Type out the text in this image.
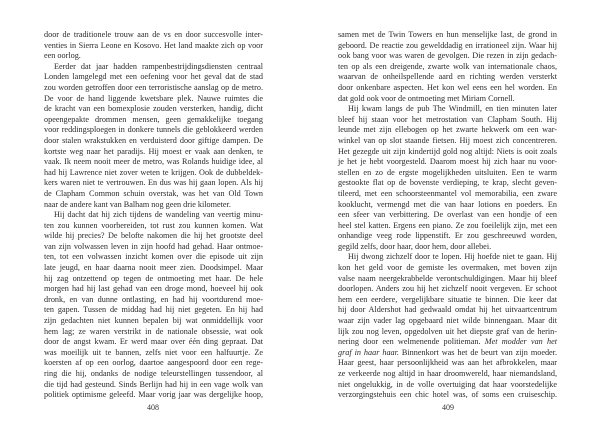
door de traditionele trouw aan de vs en door succesvolle inter-
venties in Sierra Leone en Kosovo. Het land maakte zich op voor
een oorlog.
Eerder dat jaar hadden rampenbestrijdingsdiensten centraal
Londen lamgelegd met een oefening voor het geval dat de stad
zou worden getroffen door een terroristische aanslag op de metro.
De voor de hand liggende kwetsbare plek. Nauwe ruimtes die
de kracht van een bomexplosie zouden versterken, handig, dicht
opeengepakte drommen mensen, geen gemakkelijke toegang
voor reddingsploegen in donkere tunnels die geblokkeerd werden
door stalen wrakstukken en verduisterd door giftige dampen. De
kortste weg naar het paradijs. Hij moest er vaak aan denken, te
vaak. Ik neem nooit meer de metro, was Rolands huidige idee, al
had hij Lawrence niet zover weten te krijgen. Ook de dubbeldek-
kers waren niet te vertrouwen. En dus was hij gaan lopen. Als hij
de Clapham Common schuin overstak, was het van Old Town
naar de andere kant van Balham nog geen drie kilometer.
Hij dacht dat hij zich tijdens de wandeling van veertig minu-
ten zou kunnen voorbereiden, tot rust zou kunnen komen. Wat
wilde hij precies? De belofte nakomen die hij het grootste deel
van zijn volwassen leven in zijn hoofd had gehad. Haar ontmoe-
ten, tot een volwassen inzicht komen over die episode uit zijn
late jeugd, en haar daarna nooit meer zien. Doodsimpel. Maar
hij zag ontzettend op tegen de ontmoeting met haar. De hele
morgen had hij last gehad van een droge mond, hoeveel hij ook
dronk, en van dunne ontlasting, en had hij voortdurend moe-
ten gapen. Tussen de middag had hij niet gegeten. En hij had
zijn gedachten niet kunnen bepalen bij wat onmiddellijk voor
hem lag; ze waren verstrikt in de nationale obsessie, wat ook
door de angst kwam. Er werd maar over één ding gepraat. Dat
was moeilijk uit te bannen, zelfs niet voor een halfuurtje. Ze
koersten af op een oorlog, daartoe aangespoord door een rege-
ring die hij, ondanks de nodige teleurstellingen tussendoor, al
die tijd had gesteund. Sinds Berlijn had hij in een vage wolk van
politiek optimisme geleefd. Maar vorig jaar was dergelijke hoop,
408
samen met de Twin Towers en hun menselijke last, de grond in
geboord. De reactie zou gewelddadig en irrationeel zijn. Waar hij
ook bang voor was waren de gevolgen. Die rezen in zijn gedach-
ten op als een dreigende, zwarte wolk van internationale chaos,
waarvan de onheilspellende aard en richting werden versterkt
door onkenbare aspecten. Het kon wel eens een hel worden. En
dat gold ook voor de ontmoeting met Miriam Cornell.
Hij kwam langs de pub The Windmill, en tien minuten later
bleef hij staan voor het metrostation van Clapham South. Hij
leunde met zijn ellebogen op het zwarte hekwerk om een war-
winkel van op slot staande fietsen. Hij moest zich concentreren.
Het gezegde uit zijn kindertijd gold nog altijd: Niets is ooit zoals
je het je hebt voorgesteld. Daarom moest hij zich haar nu voor-
stellen en zo de ergste mogelijkheden uitsluiten. Een te warm
gestookte flat op de bovenste verdieping, te krap, slecht geven-
tileerd, met een schoorsteenmantel vol memorabilia, een zware
kooklucht, vermengd met die van haar lotions en poeders. En
een sfeer van verbittering. De overlast van een hondje of een
heel stel katten. Ergens een piano. Ze zou foeilelijk zijn, met een
onhandige veeg rode lippenstift. Er zou geschreeuwd worden,
gegild zelfs, door haar, door hem, door allebei.
Hij dwong zichzelf door te lopen. Hij hoefde niet te gaan. Hij
kon het geld voor de gemiste les overmaken, met boven zijn
valse naam neergekrabbelde verontschuldigingen. Maar hij bleef
doorlopen. Anders zou hij het zichzelf nooit vergeven. Er schoot
hem een eerdere, vergelijkbare situatie te binnen. Die keer dat
hij door Aldershot had gedwaald omdat hij het uitvaartcentrum
waar zijn vader lag opgebaard niet wilde binnengaan. Maar dit
lijk zou nog leven, opgedolven uit het diepste graf van de herin-
nering door een welmenende politieman. Met modder van het
graf in haar haar. Binnenkort was het de beurt van zijn moeder.
Haar geest, haar persoonlijkheid was aan het afbrokkelen, maar
ze verkeerde nog altijd in haar droomwereld, haar niemandsland,
niet ongelukkig, in de volle overtuiging dat haar voorstedelijke
verzorgingstehuis een chic hotel was, of soms een cruiseschip.
409
